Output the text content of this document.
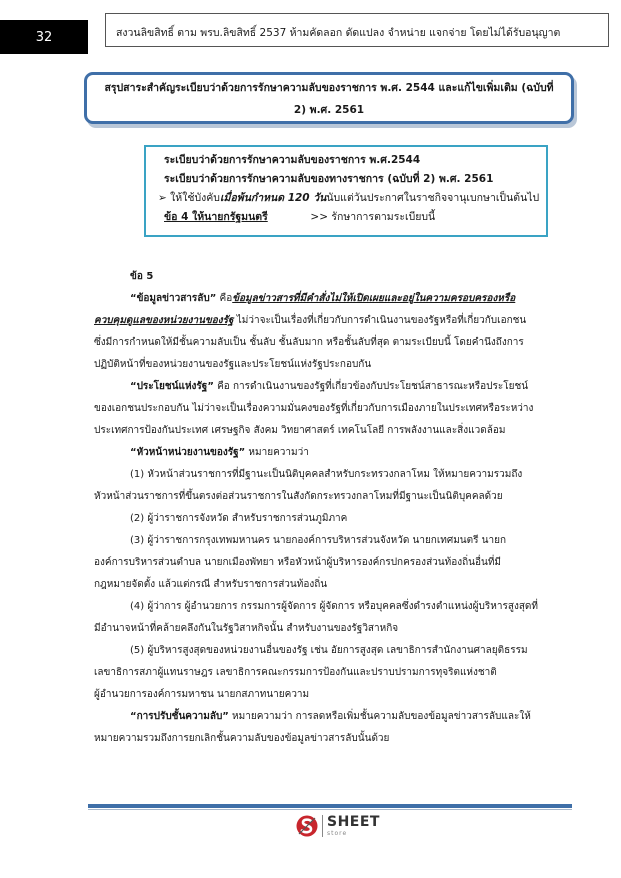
32	สงวนลิขสิทธิ์ ตาม พรบ.ลิขสิทธิ์ 2537 ห้ามคัดลอก ดัดแปลง จำหน่าย แจกจ่าย โดยไม่ได้รับอนุญาต
สรุปสาระสำคัญระเบียบว่าด้วยการรักษาความลับของราชการ พ.ศ. 2544 และแก้ไขเพิ่มเติม (ฉบับที่
2) พ.ศ. 2561
ระเบียบว่าด้วยการรักษาความลับของราชการ พ.ศ.2544
ระเบียบว่าด้วยการรักษาความลับของทางราชการ (ฉบับที่ 2) พ.ศ. 2561
➢ ให้ใช้บังคับเมื่อพ้นกำหนด 120 วันนับแต่วันประกาศในราชกิจจานุเบกษาเป็นต้นไป
ข้อ 4 ให้นายกรัฐมนตรี	>> รักษาการตามระเบียบนี้
ข้อ 5
“ข้อมูลข่าวสารลับ” คือข้อมูลข่าวสารที่มีคำสั่งไม่ให้เปิดเผยและอยู่ในความครอบครองหรือ
ควบคุมดูแลของหน่วยงานของรัฐ ไม่ว่าจะเป็นเรื่องที่เกี่ยวกับการดำเนินงานของรัฐหรือที่เกี่ยวกับเอกชน
ซึ่งมีการกำหนดให้มีชั้นความลับเป็น ชั้นลับ ชั้นลับมาก หรือชั้นลับที่สุด ตามระเบียบนี้ โดยคำนึงถึงการ
ปฏิบัติหน้าที่ของหน่วยงานของรัฐและประโยชน์แห่งรัฐประกอบกัน
“ประโยชน์แห่งรัฐ” คือ การดำเนินงานของรัฐที่เกี่ยวข้องกับประโยชน์สาธารณะหรือประโยชน์
ของเอกชนประกอบกัน ไม่ว่าจะเป็นเรื่องความมั่นคงของรัฐที่เกี่ยวกับการเมืองภายในประเทศหรือระหว่าง
ประเทศการป้องกันประเทศ เศรษฐกิจ สังคม วิทยาศาสตร์ เทคโนโลยี การพลังงานและสิ่งแวดล้อม
“หัวหน้าหน่วยงานของรัฐ” หมายความว่า
(1) หัวหน้าส่วนราชการที่มีฐานะเป็นนิติบุคคลสำหรับกระทรวงกลาโหม ให้หมายความรวมถึง
หัวหน้าส่วนราชการที่ขึ้นตรงต่อส่วนราชการในสังกัดกระทรวงกลาโหมที่มีฐานะเป็นนิติบุคคลด้วย
(2) ผู้ว่าราชการจังหวัด สำหรับราชการส่วนภูมิภาค
(3) ผู้ว่าราชการกรุงเทพมหานคร นายกองค์การบริหารส่วนจังหวัด นายกเทศมนตรี นายก
องค์การบริหารส่วนตำบล นายกเมืองพัทยา หรือหัวหน้าผู้บริหารองค์กรปกครองส่วนท้องถิ่นอื่นที่มี
กฎหมายจัดตั้ง แล้วแต่กรณี สำหรับราชการส่วนท้องถิ่น
(4) ผู้ว่าการ ผู้อำนวยการ กรรมการผู้จัดการ ผู้จัดการ หรือบุคคลซึ่งดำรงตำแหน่งผู้บริหารสูงสุดที่
มีอำนาจหน้าที่คล้ายคลึงกันในรัฐวิสาหกิจนั้น สำหรับงานของรัฐวิสาหกิจ
(5) ผู้บริหารสูงสุดของหน่วยงานอื่นของรัฐ เช่น อัยการสูงสุด เลขาธิการสำนักงานศาลยุติธรรม
เลขาธิการสภาผู้แทนราษฎร เลขาธิการคณะกรรมการป้องกันและปราบปรามการทุจริตแห่งชาติ
ผู้อำนวยการองค์การมหาชน นายกสภาทนายความ
“การปรับชั้นความลับ” หมายความว่า การลดหรือเพิ่มชั้นความลับของข้อมูลข่าวสารลับและให้
หมายความรวมถึงการยกเลิกชั้นความลับของข้อมูลข่าวสารลับนั้นด้วย
SHEET
store
